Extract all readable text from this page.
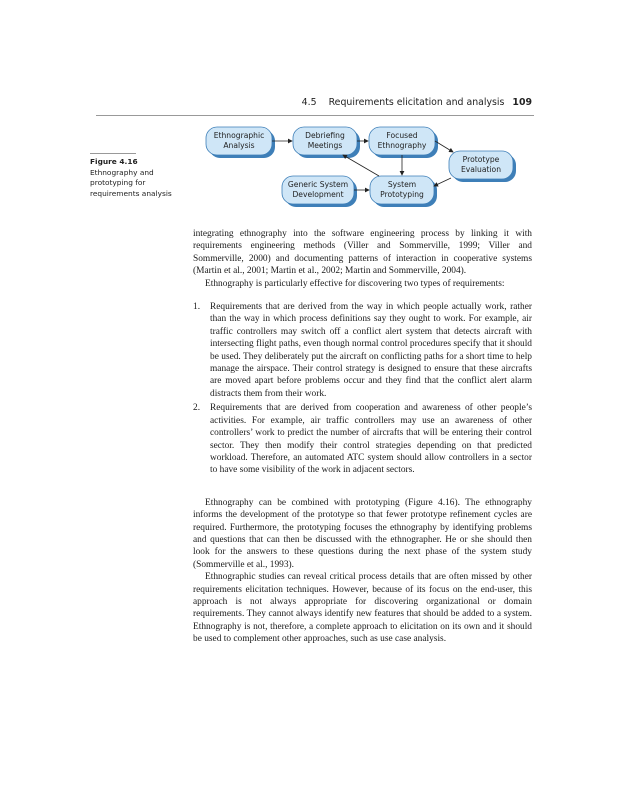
4.5 Requirements elicitation and analysis 109
Figure 4.16
Ethnography and prototyping for requirements analysis
Ethnographic
Analysis
Debriefing
Meetings
Focused
Ethnography
Prototype
Evaluation
Generic System
Development
System
Prototyping

integrating ethnography into the software engineering process by linking it with requirements engineering methods (Viller and Sommerville, 1999; Viller and Sommerville, 2000) and documenting patterns of interaction in cooperative systems (Martin et al., 2001; Martin et al., 2002; Martin and Sommerville, 2004).

Ethnography is particularly effective for discovering two types of requirements:

1. Requirements that are derived from the way in which people actually work, rather than the way in which process definitions say they ought to work. For example, air traffic controllers may switch off a conflict alert system that detects aircraft with intersecting flight paths, even though normal control procedures specify that it should be used. They deliberately put the aircraft on conflicting paths for a short time to help manage the airspace. Their control strategy is designed to ensure that these aircrafts are moved apart before problems occur and they find that the conflict alert alarm distracts them from their work.
2. Requirements that are derived from cooperation and awareness of other people’s activities. For example, air traffic controllers may use an awareness of other controllers’ work to predict the number of aircrafts that will be entering their control sector. They then modify their control strategies depending on that predicted workload. Therefore, an automated ATC system should allow controllers in a sector to have some visibility of the work in adjacent sectors.

Ethnography can be combined with prototyping (Figure 4.16). The ethnography informs the development of the prototype so that fewer prototype refinement cycles are required. Furthermore, the prototyping focuses the ethnography by identifying problems and questions that can then be discussed with the ethnographer. He or she should then look for the answers to these questions during the next phase of the system study (Sommerville et al., 1993).

Ethnographic studies can reveal critical process details that are often missed by other requirements elicitation techniques. However, because of its focus on the end-user, this approach is not always appropriate for discovering organizational or domain requirements. They cannot always identify new features that should be added to a system. Ethnography is not, therefore, a complete approach to elicitation on its own and it should be used to complement other approaches, such as use case analysis.
